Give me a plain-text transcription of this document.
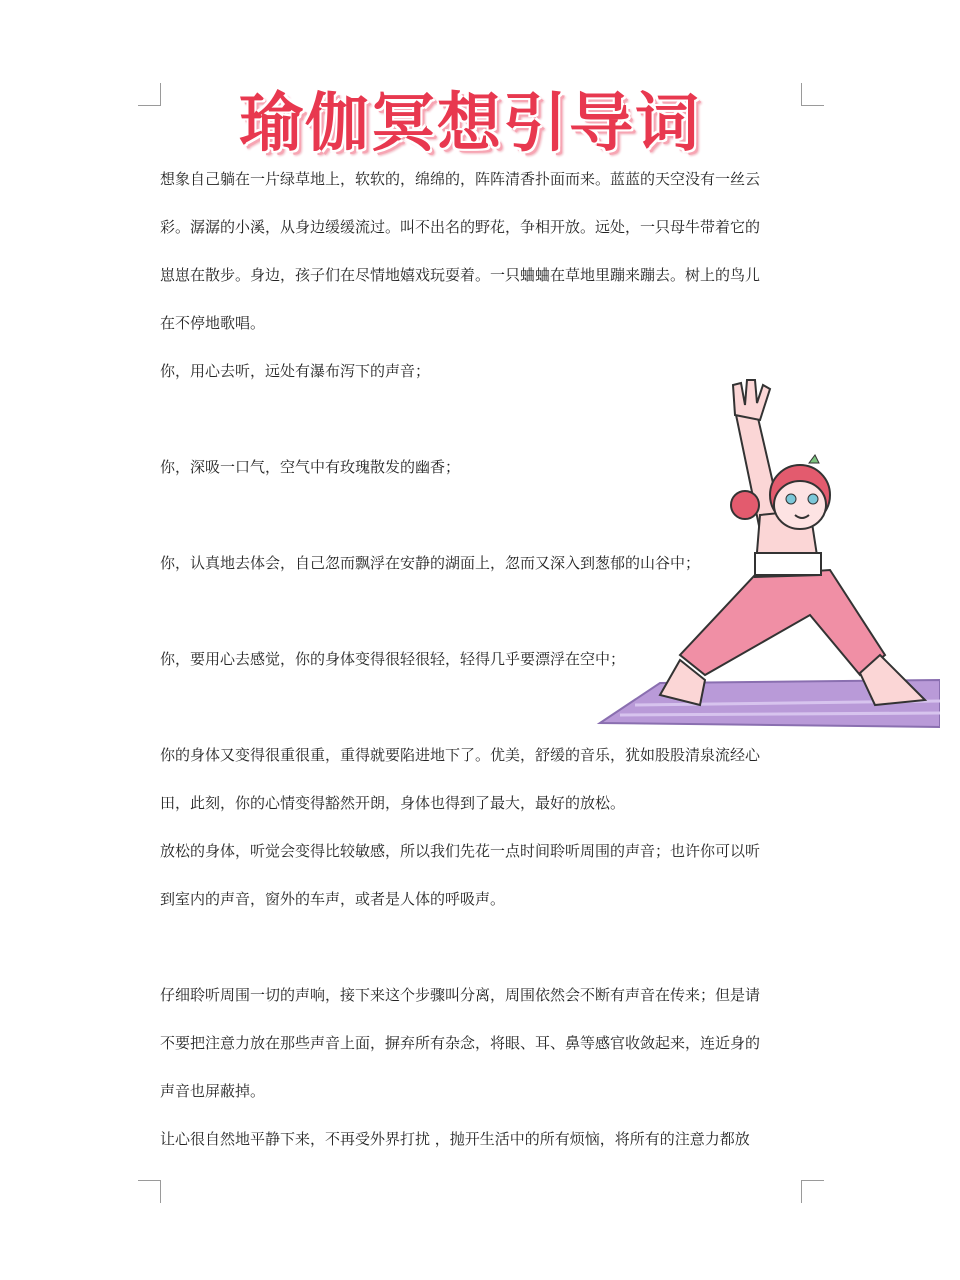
瑜伽冥想引导词
想象自己躺在一片绿草地上，软软的，绵绵的，阵阵清香扑面而来。蓝蓝的天空没有一丝云
彩。潺潺的小溪，从身边缓缓流过。叫不出名的野花，争相开放。远处，一只母牛带着它的
崽崽在散步。身边，孩子们在尽情地嬉戏玩耍着。一只蛐蛐在草地里蹦来蹦去。树上的鸟儿
在不停地歌唱。
你，用心去听，远处有瀑布泻下的声音；
你，深吸一口气，空气中有玫瑰散发的幽香；
你，认真地去体会，自己忽而飘浮在安静的湖面上，忽而又深入到葱郁的山谷中；
你，要用心去感觉，你的身体变得很轻很轻，轻得几乎要漂浮在空中；
你的身体又变得很重很重，重得就要陷进地下了。优美，舒缓的音乐，犹如股股清泉流经心
田，此刻，你的心情变得豁然开朗，身体也得到了最大，最好的放松。
放松的身体，听觉会变得比较敏感，所以我们先花一点时间聆听周围的声音；也许你可以听
到室内的声音，窗外的车声，或者是人体的呼吸声。
仔细聆听周围一切的声响，接下来这个步骤叫分离，周围依然会不断有声音在传来；但是请
不要把注意力放在那些声音上面，摒弃所有杂念，将眼、耳、鼻等感官收敛起来，连近身的
声音也屏蔽掉。
让心很自然地平静下来，不再受外界打扰 ，抛开生活中的所有烦恼，将所有的注意力都放
